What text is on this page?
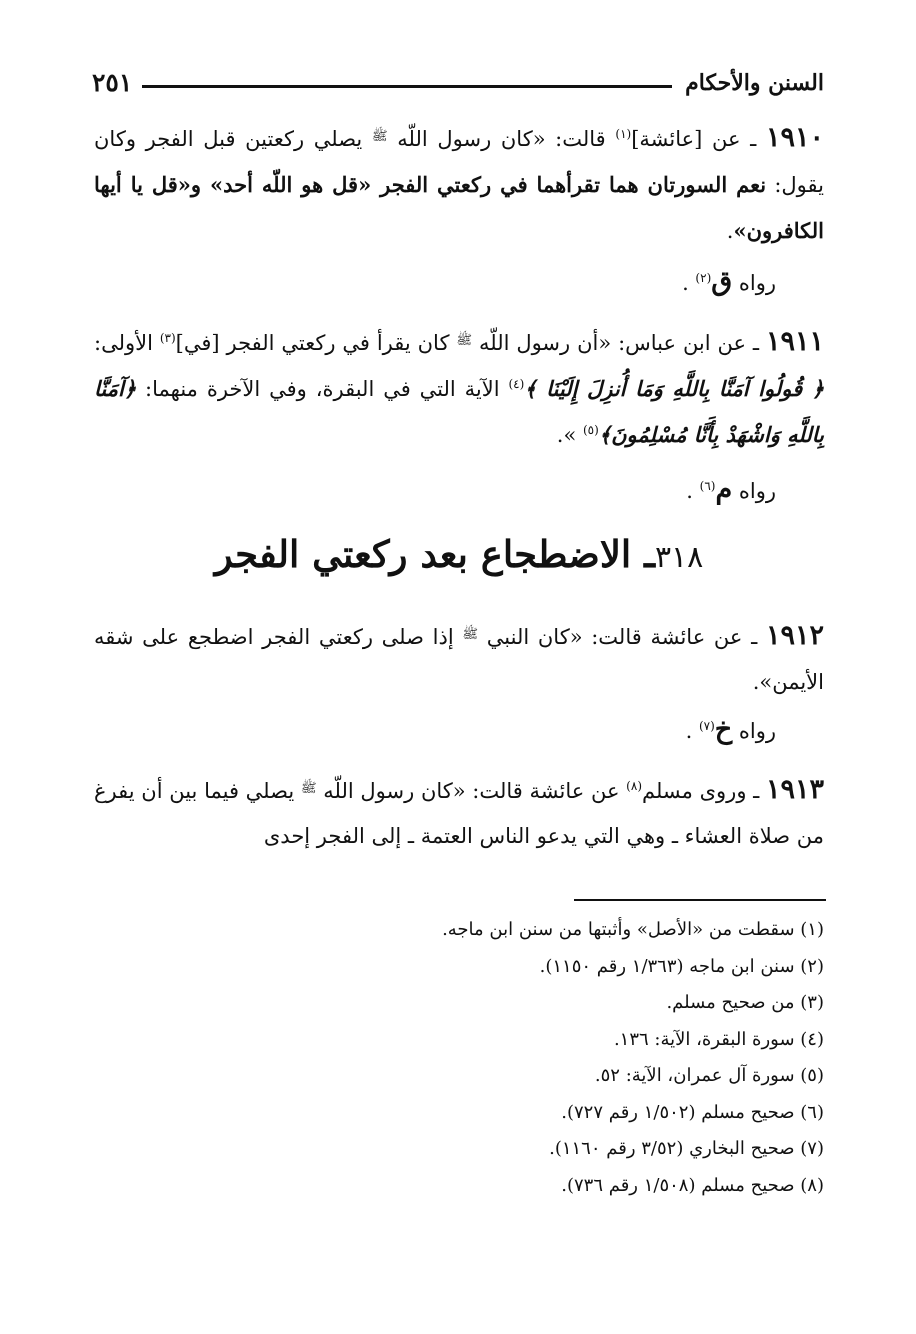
السنن والأحكام
٢٥١

١٩١٠ ـ عن [عائشة]$^{(١)}$ قالت: «كان رسول اللّه $^ﷺ$ يصلي ركعتين قبل الفجر وكان يقول: نعم السورتان هما تقرأهما في ركعتي الفجر «قل هو اللّه أحد» و«قل يا أيها الكافرون».

رواه ق$^{(٢)}$ .

١٩١١ ـ عن ابن عباس: «أن رسول اللّه $^ﷺ$ كان يقرأ في ركعتي الفجر [في]$^{(٣)}$ الأولى: ﴿ قُولُوا آمَنَّا بِاللَّهِ وَمَا أُنزِلَ إِلَيْنَا ﴾$^{(٤)}$ الآية التي في البقرة، وفي الآخرة منهما: ﴿آمَنَّا بِاللَّهِ وَاشْهَدْ بِأَنَّا مُسْلِمُونَ﴾$^{(٥)}$ ».

رواه م$^{(٦)}$ .
٣١٨ـ الاضطجاع بعد ركعتي الفجر

١٩١٢ ـ عن عائشة قالت: «كان النبي $^ﷺ$ إذا صلى ركعتي الفجر اضطجع على شقه الأيمن».

رواه خ$^{(٧)}$ .

١٩١٣ ـ وروى مسلم$^{(٨)}$ عن عائشة قالت: «كان رسول اللّه $^ﷺ$ يصلي فيما بين أن يفرغ من صلاة العشاء ـ وهي التي يدعو الناس العتمة ـ إلى الفجر إحدى

(١) سقطت من «الأصل» وأثبتها من سنن ابن ماجه.
(٢) سنن ابن ماجه (١/٣٦٣ رقم ١١٥٠).
(٣) من صحيح مسلم.
(٤) سورة البقرة، الآية: ١٣٦.
(٥) سورة آل عمران، الآية: ٥٢.
(٦) صحيح مسلم (١/٥٠٢ رقم ٧٢٧).
(٧) صحيح البخاري (٣/٥٢ رقم ١١٦٠).
(٨) صحيح مسلم (١/٥٠٨ رقم ٧٣٦).
